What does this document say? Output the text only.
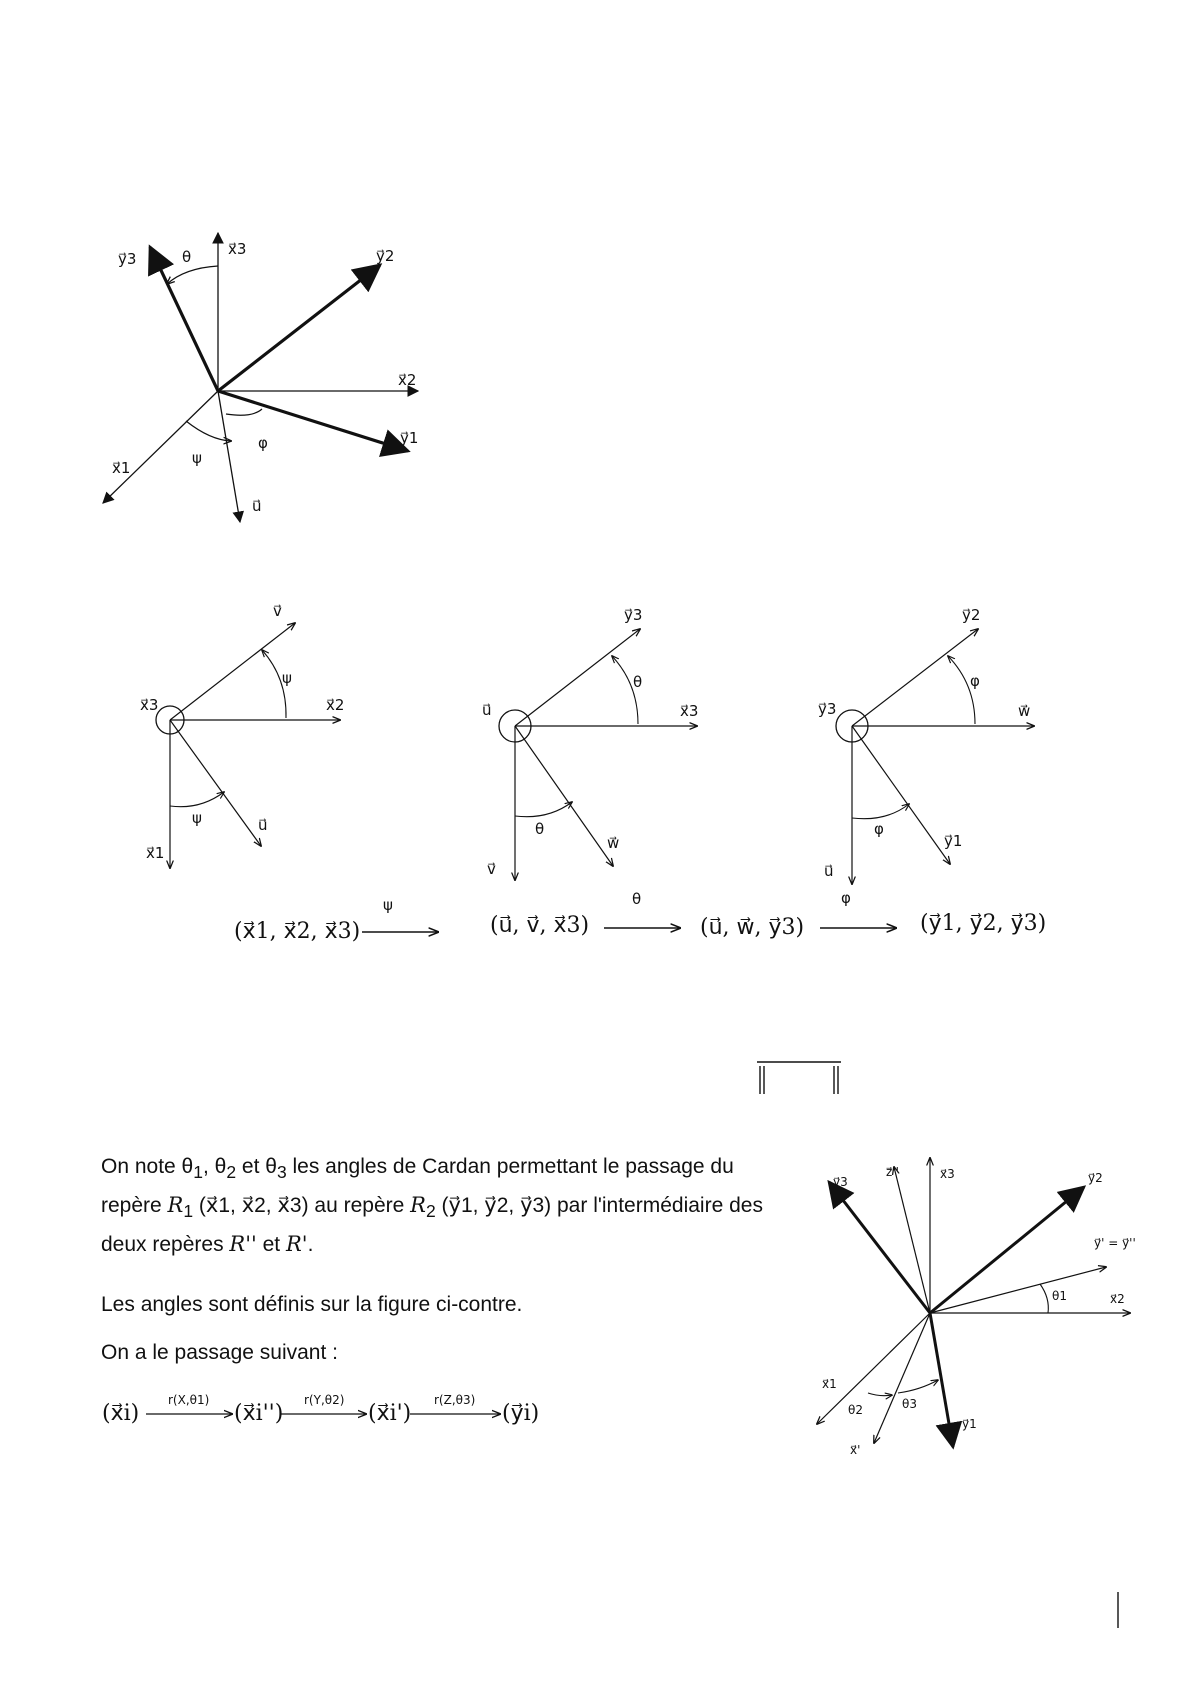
y⃗3	θ x⃗3	y⃗2
x⃗2
y⃗1
φ
ψ
x⃗1
u⃗
x⃗3
v⃗
x⃗2
x⃗1
u⃗
ψ
ψ
u⃗
y⃗3
x⃗3
v⃗
w⃗
θ
θ
y⃗3
y⃗2
w⃗
u⃗
y⃗1
φ
φ
(x⃗1, x⃗2, x⃗3)
ψ
(u⃗, v⃗, x⃗3)
θ
(u⃗, w⃗, y⃗3)
φ
(y⃗1, y⃗2, y⃗3)

On note $\theta_1$, $\theta_2$ et $\theta_3$ les angles de Cardan permettant le passage du repère $R_1$ (x⃗1, x⃗2, x⃗3) au repère $R_2$ (y⃗1, y⃗2, y⃗3) par l'intermédiaire des deux repères R'' et R'.

Les angles sont définis sur la figure ci-contre.

On a le passage suivant :

(x⃗i)
r(X,θ1)
(x⃗i'')
r(Y,θ2)
(x⃗i')
r(Z,θ3)
(y⃗i)
y⃗3
z⃗''	x⃗3	y⃗2
y⃗' = y⃗''
θ1	x⃗2
x⃗1
θ2	θ3
x⃗'
y⃗1
